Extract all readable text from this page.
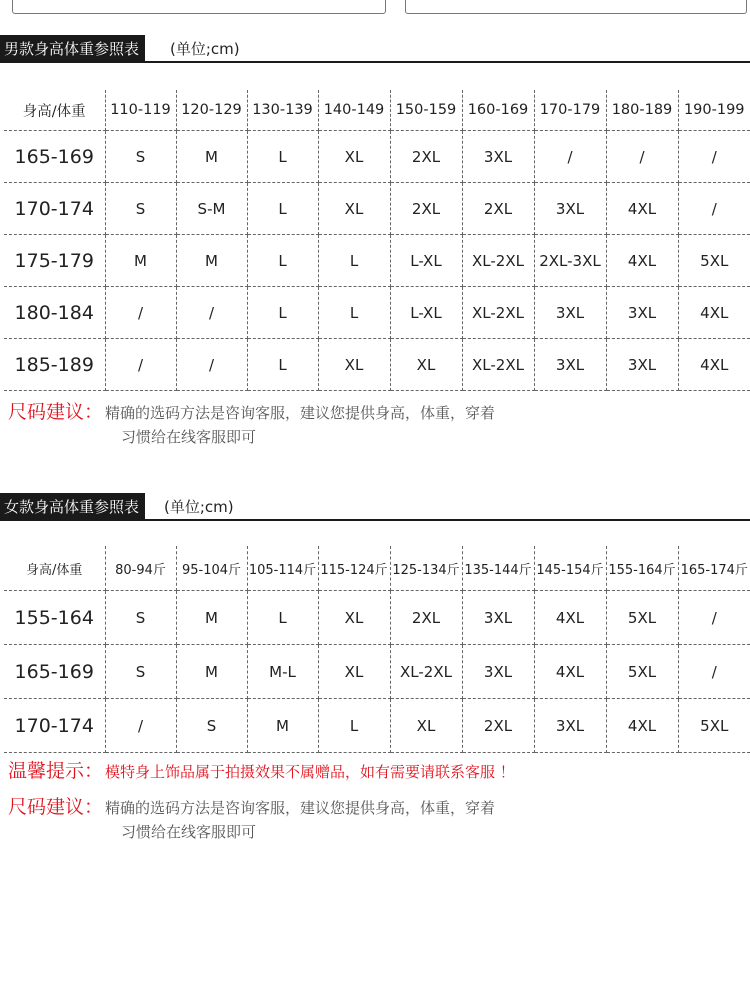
男款身高体重参照表	(单位;cm)
身高/体重	110-119	120-129	130-139	140-149	150-159	160-169	170-179	180-189	190-199
165-169	S	M	L	XL	2XL	3XL	/	/	/
170-174	S	S-M	L	XL	2XL	2XL	3XL	4XL	/
175-179	M	M	L	L	L-XL	XL-2XL	2XL-3XL	4XL	5XL
180-184	/	/	L	L	L-XL	XL-2XL	3XL	3XL	4XL
185-189	/	/	L	XL	XL	XL-2XL	3XL	3XL	4XL
尺码建议： 精确的选码方法是咨询客服，建议您提供身高，体重，穿着
习惯给在线客服即可
女款身高体重参照表	(单位;cm)
身高/体重	80-94斤	95-104斤	105-114斤	115-124斤	125-134斤	135-144斤	145-154斤	155-164斤	165-174斤
155-164	S	M	L	XL	2XL	3XL	4XL	5XL	/
165-169	S	M	M-L	XL	XL-2XL	3XL	4XL	5XL	/
170-174	/	S	M	L	XL	2XL	3XL	4XL	5XL
温馨提示： 模特身上饰品属于拍摄效果不属赠品，如有需要请联系客服 ！
尺码建议： 精确的选码方法是咨询客服，建议您提供身高，体重，穿着
习惯给在线客服即可
